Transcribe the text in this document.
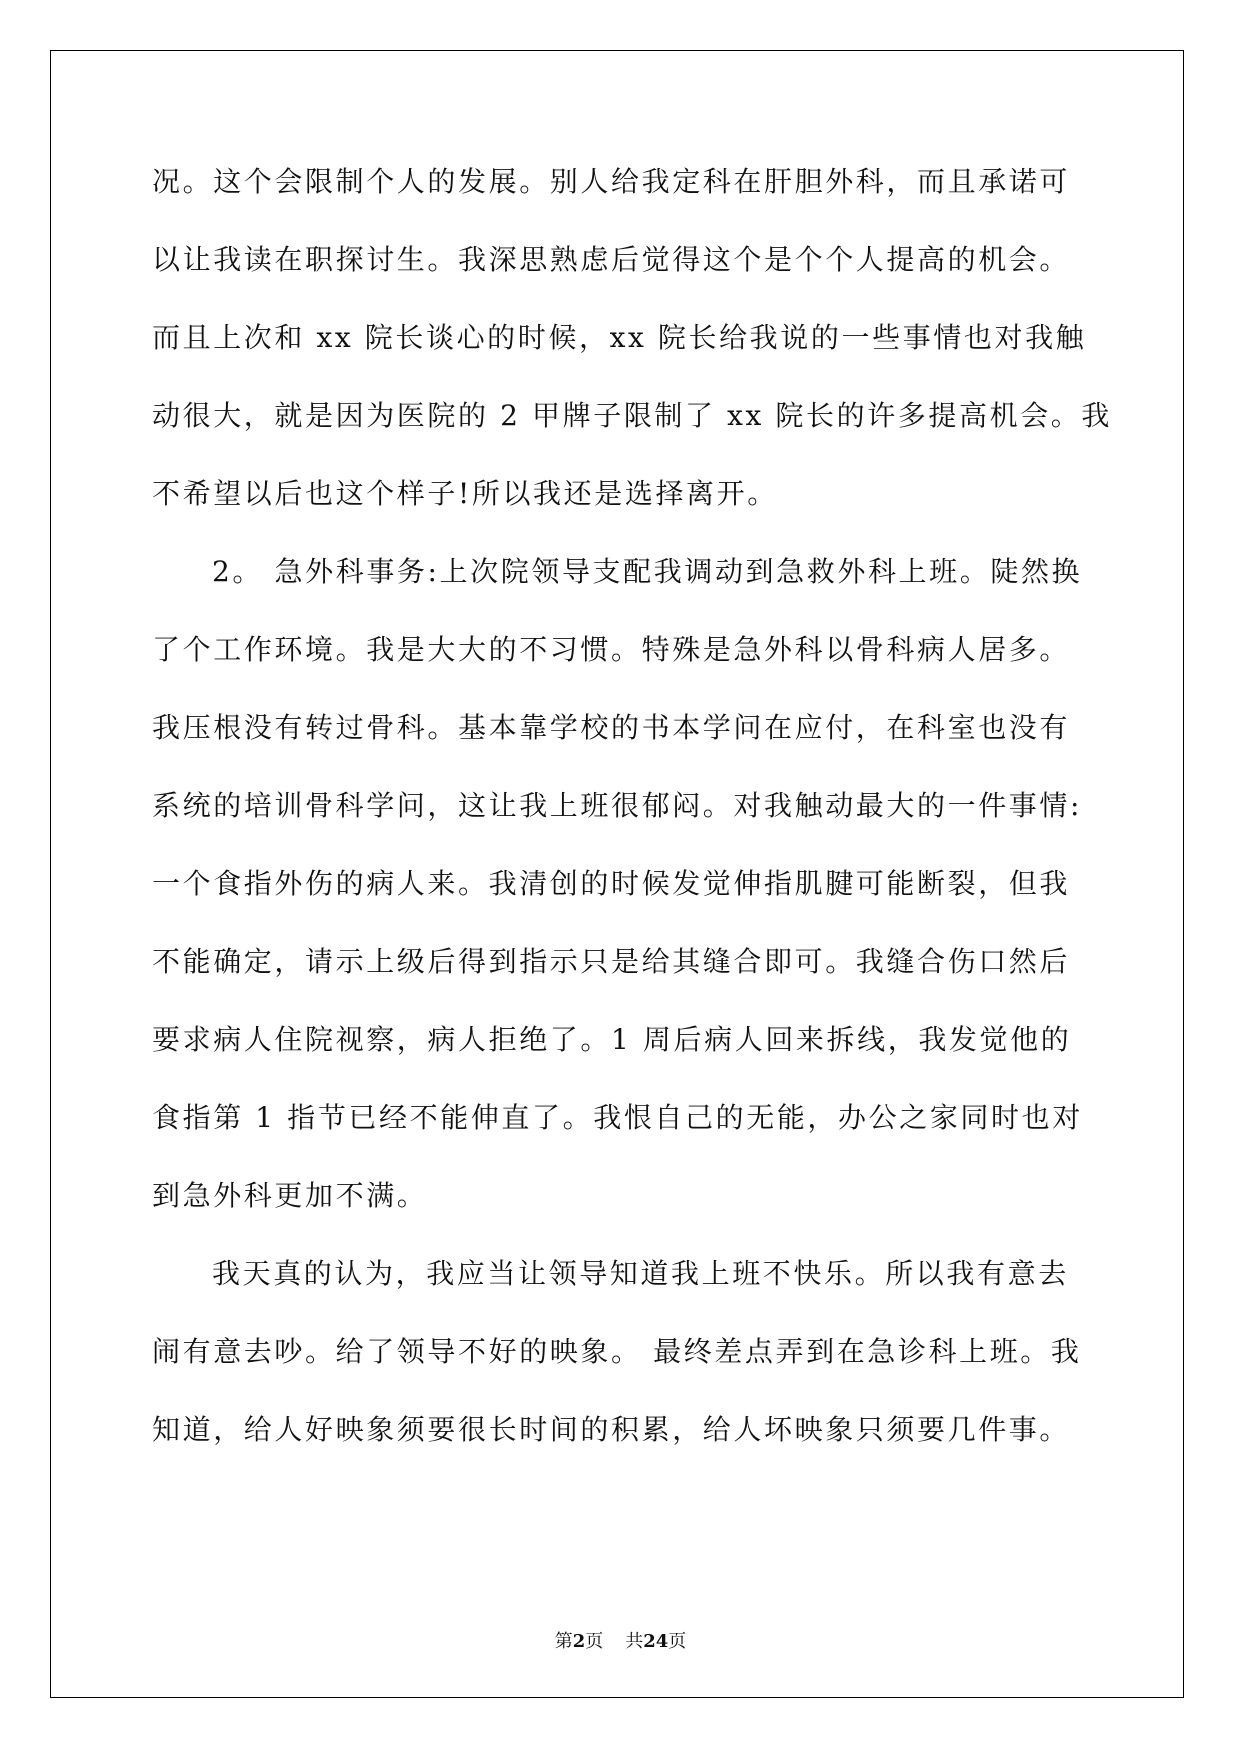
况。这个会限制个人的发展。别人给我定科在肝胆外科，而且承诺可
以让我读在职探讨生。我深思熟虑后觉得这个是个个人提高的机会。
而且上次和 xx 院长谈心的时候，xx 院长给我说的一些事情也对我触
动很大，就是因为医院的 2 甲牌子限制了 xx 院长的许多提高机会。我
不希望以后也这个样子!所以我还是选择离开。
2。 急外科事务:上次院领导支配我调动到急救外科上班。陡然换
了个工作环境。我是大大的不习惯。特殊是急外科以骨科病人居多。
我压根没有转过骨科。基本靠学校的书本学问在应付，在科室也没有
系统的培训骨科学问，这让我上班很郁闷。对我触动最大的一件事情:
一个食指外伤的病人来。我清创的时候发觉伸指肌腱可能断裂，但我
不能确定，请示上级后得到指示只是给其缝合即可。我缝合伤口然后
要求病人住院视察，病人拒绝了。1 周后病人回来拆线，我发觉他的
食指第 1 指节已经不能伸直了。我恨自己的无能，办公之家同时也对
到急外科更加不满。
我天真的认为，我应当让领导知道我上班不快乐。所以我有意去
闹有意去吵。给了领导不好的映象。 最终差点弄到在急诊科上班。我
知道，给人好映象须要很长时间的积累，给人坏映象只须要几件事。
第2页 共24页
